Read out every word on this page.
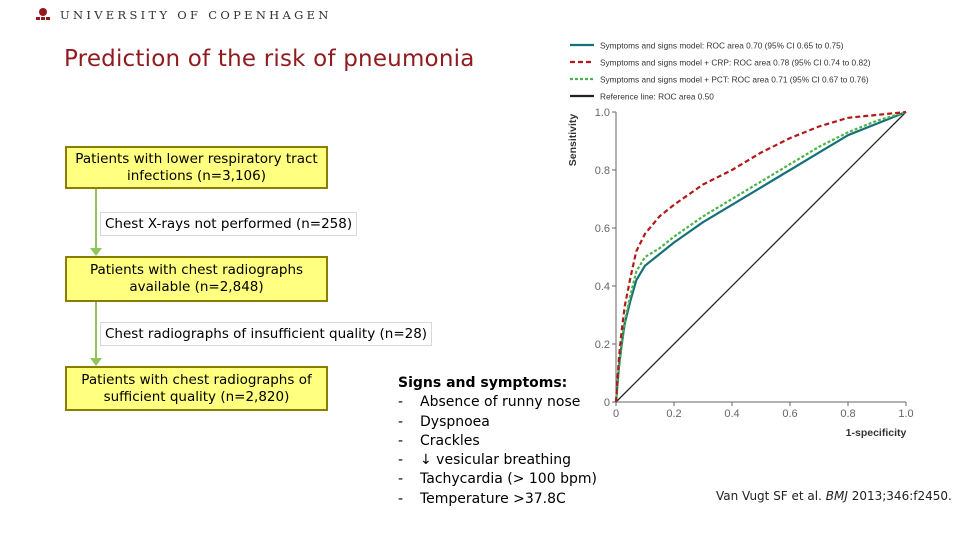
UNIVERSITY OF COPENHAGEN
Prediction of the risk of pneumonia
Patients with lower respiratory tract infections (n=3,106)
Chest X-rays not performed (n=258)
Patients with chest radiographs available (n=2,848)
Chest radiographs of insufficient quality (n=28)
Patients with chest radiographs of sufficient quality (n=2,820)
Symptoms and signs model: ROC area 0.70 (95% CI 0.65 to 0.75)
Symptoms and signs model + CRP: ROC area 0.78 (95% CI 0.74 to 0.82)
Symptoms and signs model + PCT: ROC area 0.71 (95% CI 0.67 to 0.76)
Reference line: ROC area 0.50
0	0.2	0.4	0.6	0.8	1.0
0
0.2
0.4
0.6
0.8
1.0
1-specificity
Sensitivity
Signs and symptoms:
-	Absence of runny nose
-	Dyspnoea
-	Crackles
-	↓ vesicular breathing
-	Tachycardia (> 100 bpm)
-	Temperature >37.8C	Van Vugt SF et al. BMJ 2013;346:f2450.
